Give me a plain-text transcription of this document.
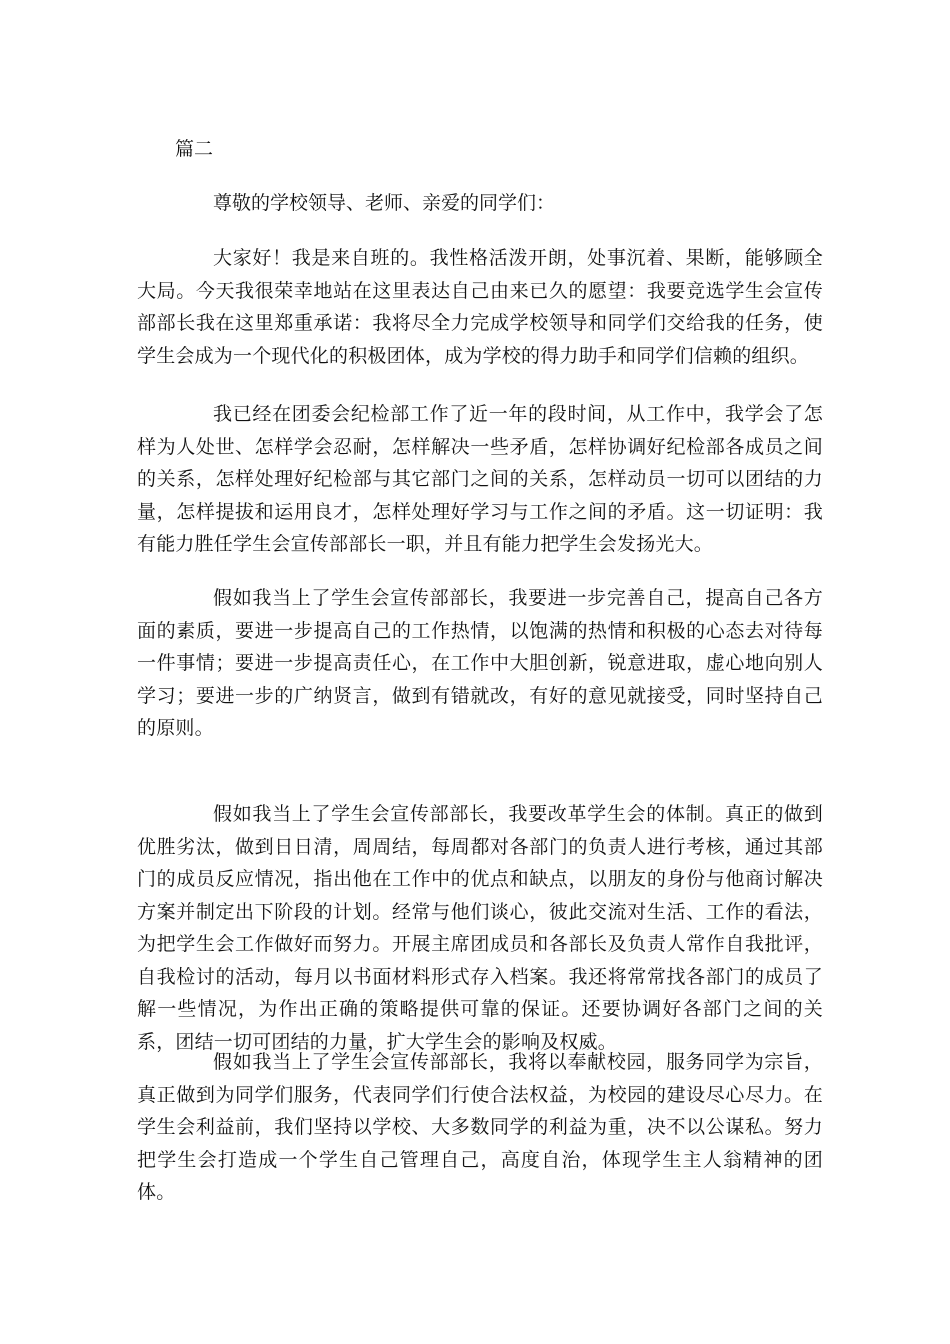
篇二

尊敬的学校领导、老师、亲爱的同学们：

大家好！我是来自班的。我性格活泼开朗，处事沉着、果断，能够顾全大局。今天我很荣幸地站在这里表达自己由来已久的愿望：我要竞选学生会宣传部部长我在这里郑重承诺：我将尽全力完成学校领导和同学们交给我的任务，使学生会成为一个现代化的积极团体，成为学校的得力助手和同学们信赖的组织。

我已经在团委会纪检部工作了近一年的段时间，从工作中，我学会了怎样为人处世、怎样学会忍耐，怎样解决一些矛盾，怎样协调好纪检部各成员之间的关系，怎样处理好纪检部与其它部门之间的关系，怎样动员一切可以团结的力量，怎样提拔和运用良才，怎样处理好学习与工作之间的矛盾。这一切证明：我有能力胜任学生会宣传部部长一职，并且有能力把学生会发扬光大。

假如我当上了学生会宣传部部长，我要进一步完善自己，提高自己各方面的素质，要进一步提高自己的工作热情，以饱满的热情和积极的心态去对待每一件事情；要进一步提高责任心，在工作中大胆创新，锐意进取，虚心地向别人学习；要进一步的广纳贤言，做到有错就改，有好的意见就接受，同时坚持自己的原则。

假如我当上了学生会宣传部部长，我要改革学生会的体制。真正的做到优胜劣汰，做到日日清，周周结，每周都对各部门的负责人进行考核，通过其部门的成员反应情况，指出他在工作中的优点和缺点，以朋友的身份与他商讨解决方案并制定出下阶段的计划。经常与他们谈心，彼此交流对生活、工作的看法，为把学生会工作做好而努力。开展主席团成员和各部长及负责人常作自我批评，自我检讨的活动，每月以书面材料形式存入档案。我还将常常找各部门的成员了解一些情况，为作出正确的策略提供可靠的保证。还要协调好各部门之间的关系，团结一切可团结的力量，扩大学生会的影响及权威。

假如我当上了学生会宣传部部长，我将以奉献校园，服务同学为宗旨，真正做到为同学们服务，代表同学们行使合法权益，为校园的建设尽心尽力。在学生会利益前，我们坚持以学校、大多数同学的利益为重，决不以公谋私。努力把学生会打造成一个学生自己管理自己，高度自治，体现学生主人翁精神的团体。
